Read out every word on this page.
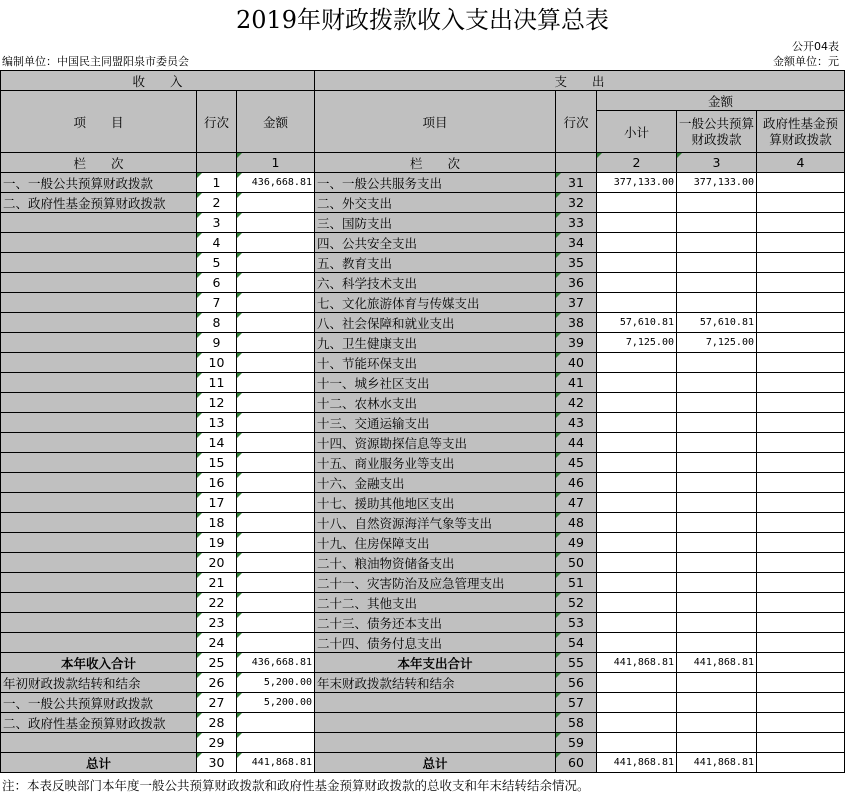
2019年财政拨款收入支出决算总表
公开04表
编制单位：中国民主同盟阳泉市委员会	金额单位：元
收　　入			支　　出				
项　　目	行次	金额	项目	行次	金额		
					小计	一般公共预算财政拨款	政府性基金预算财政拨款
栏　　次		1	栏　　次		2	3	4
一、一般公共预算财政拨款	1	436,668.81	一、一般公共服务支出	31	377,133.00	377,133.00	
二、政府性基金预算财政拨款	2		二、外交支出	32			
	3		三、国防支出	33			
	4		四、公共安全支出	34			
	5		五、教育支出	35			
	6		六、科学技术支出	36			
	7		七、文化旅游体育与传媒支出	37			
	8		八、社会保障和就业支出	38	57,610.81	57,610.81	
	9		九、卫生健康支出	39	7,125.00	7,125.00	
	10		十、节能环保支出	40			
	11		十一、城乡社区支出	41			
	12		十二、农林水支出	42			
	13		十三、交通运输支出	43			
	14		十四、资源勘探信息等支出	44			
	15		十五、商业服务业等支出	45			
	16		十六、金融支出	46			
	17		十七、援助其他地区支出	47			
	18		十八、自然资源海洋气象等支出	48			
	19		十九、住房保障支出	49			
	20		二十、粮油物资储备支出	50			
	21		二十一、灾害防治及应急管理支出	51			
	22		二十二、其他支出	52			
	23		二十三、债务还本支出	53			
	24		二十四、债务付息支出	54			
本年收入合计	25	436,668.81	本年支出合计	55	441,868.81	441,868.81	
年初财政拨款结转和结余	26	5,200.00	年末财政拨款结转和结余	56			
一、一般公共预算财政拨款	27	5,200.00		57			
二、政府性基金预算财政拨款	28			58			
	29			59			
总计	30	441,868.81	总计	60	441,868.81	441,868.81	
注：本表反映部门本年度一般公共预算财政拨款和政府性基金预算财政拨款的总收支和年末结转结余情况。
